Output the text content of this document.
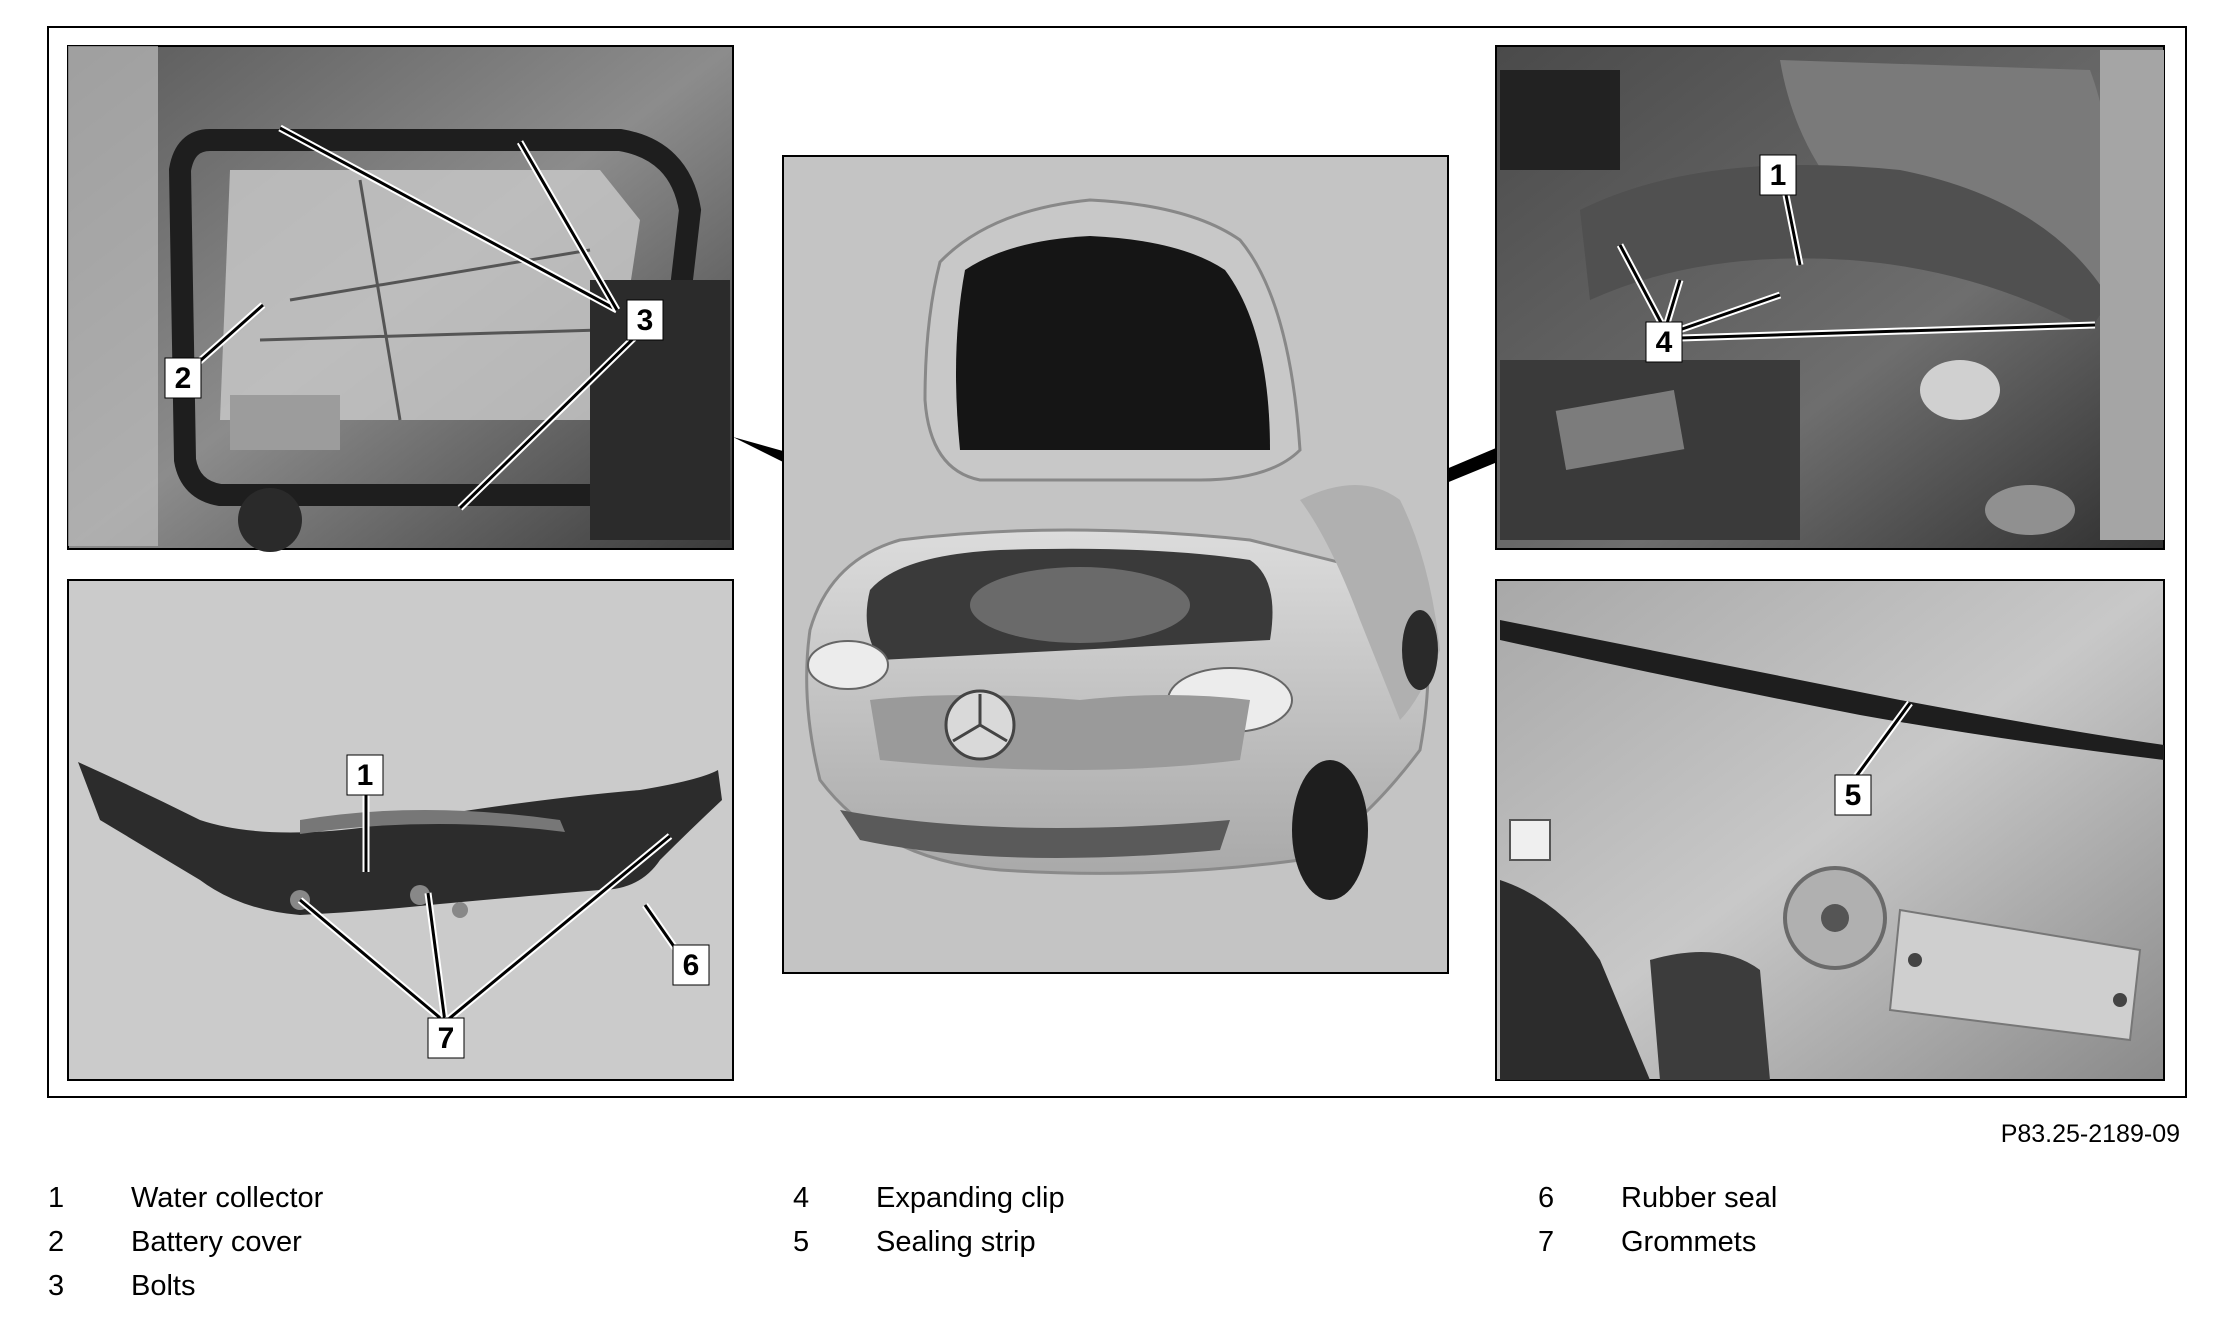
3
2
1
6
7
1
4
5
P83.25-2189-09
1 Water collector
2 Battery cover
3 Bolts
4 Expanding clip
5 Sealing strip
6 Rubber seal
7 Grommets
